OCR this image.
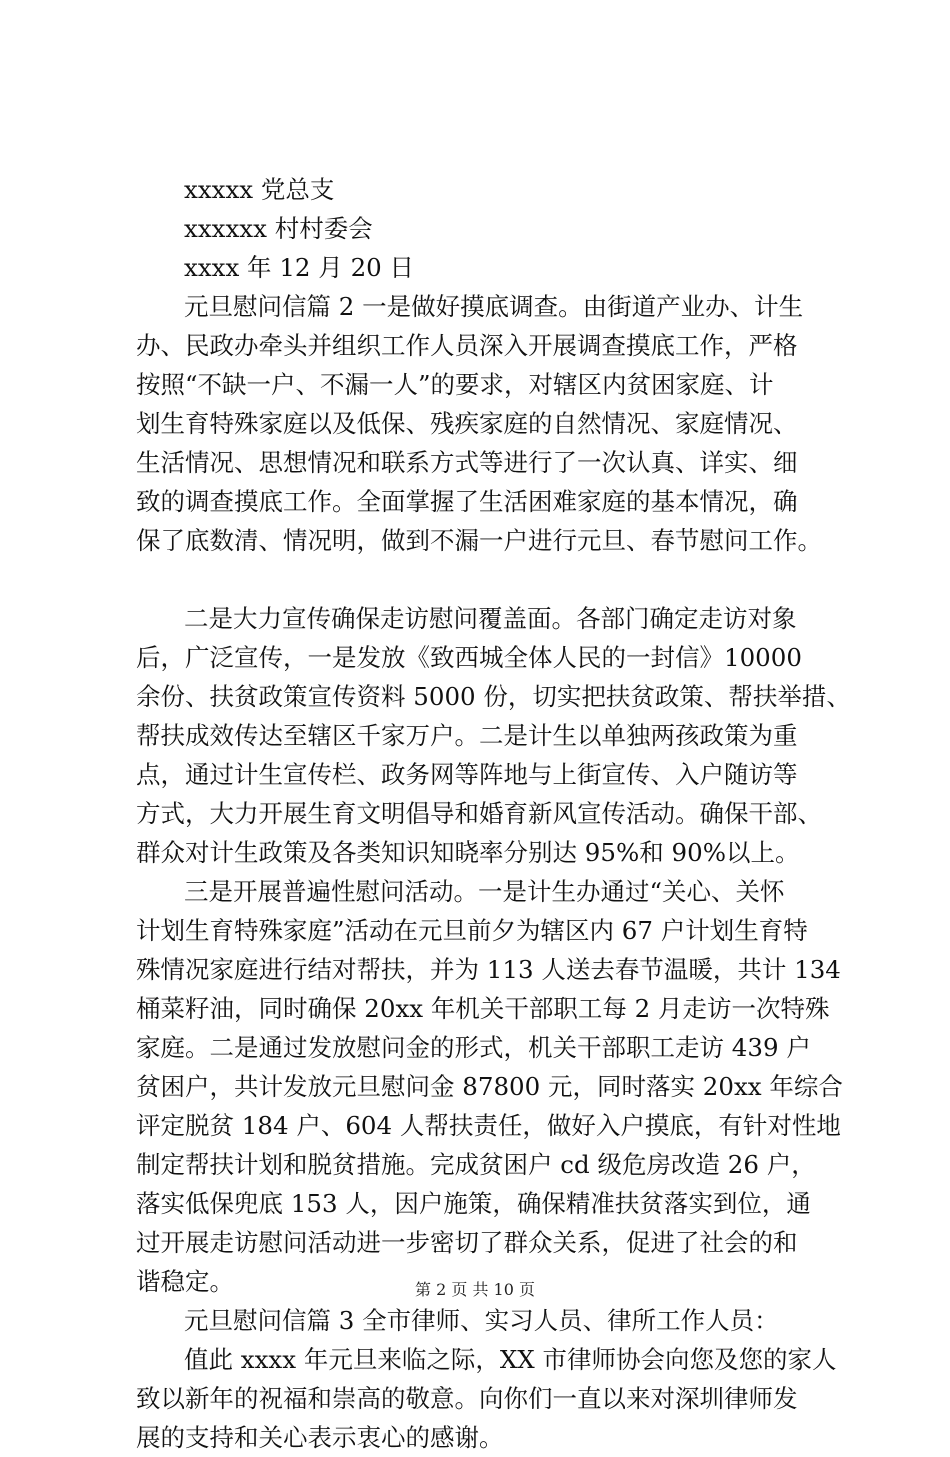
xxxxx 党总支
xxxxxx 村村委会
xxxx 年 12 月 20 日
元旦慰问信篇 2 一是做好摸底调查。由街道产业办、计生
办、民政办牵头并组织工作人员深入开展调查摸底工作，严格
按照“不缺一户、不漏一人”的要求，对辖区内贫困家庭、计
划生育特殊家庭以及低保、残疾家庭的自然情况、家庭情况、
生活情况、思想情况和联系方式等进行了一次认真、详实、细
致的调查摸底工作。全面掌握了生活困难家庭的基本情况，确
保了底数清、情况明，做到不漏一户进行元旦、春节慰问工作。
二是大力宣传确保走访慰问覆盖面。各部门确定走访对象
后，广泛宣传，一是发放《致西城全体人民的一封信》10000
余份、扶贫政策宣传资料 5000 份，切实把扶贫政策、帮扶举措、
帮扶成效传达至辖区千家万户。二是计生以单独两孩政策为重
点，通过计生宣传栏、政务网等阵地与上街宣传、入户随访等
方式，大力开展生育文明倡导和婚育新风宣传活动。确保干部、
群众对计生政策及各类知识知晓率分别达 95%和 90%以上。
三是开展普遍性慰问活动。一是计生办通过“关心、关怀
计划生育特殊家庭”活动在元旦前夕为辖区内 67 户计划生育特
殊情况家庭进行结对帮扶，并为 113 人送去春节温暖，共计 134
桶菜籽油，同时确保 20xx 年机关干部职工每 2 月走访一次特殊
家庭。二是通过发放慰问金的形式，机关干部职工走访 439 户
贫困户，共计发放元旦慰问金 87800 元，同时落实 20xx 年综合
评定脱贫 184 户、604 人帮扶责任，做好入户摸底，有针对性地
制定帮扶计划和脱贫措施。完成贫困户 cd 级危房改造 26 户，
落实低保兜底 153 人，因户施策，确保精准扶贫落实到位，通
过开展走访慰问活动进一步密切了群众关系，促进了社会的和
谐稳定。
元旦慰问信篇 3 全市律师、实习人员、律所工作人员：
值此 xxxx 年元旦来临之际，XX 市律师协会向您及您的家人
致以新年的祝福和崇高的敬意。向你们一直以来对深圳律师发
展的支持和关心表示衷心的感谢。
第 2 页 共 10 页
